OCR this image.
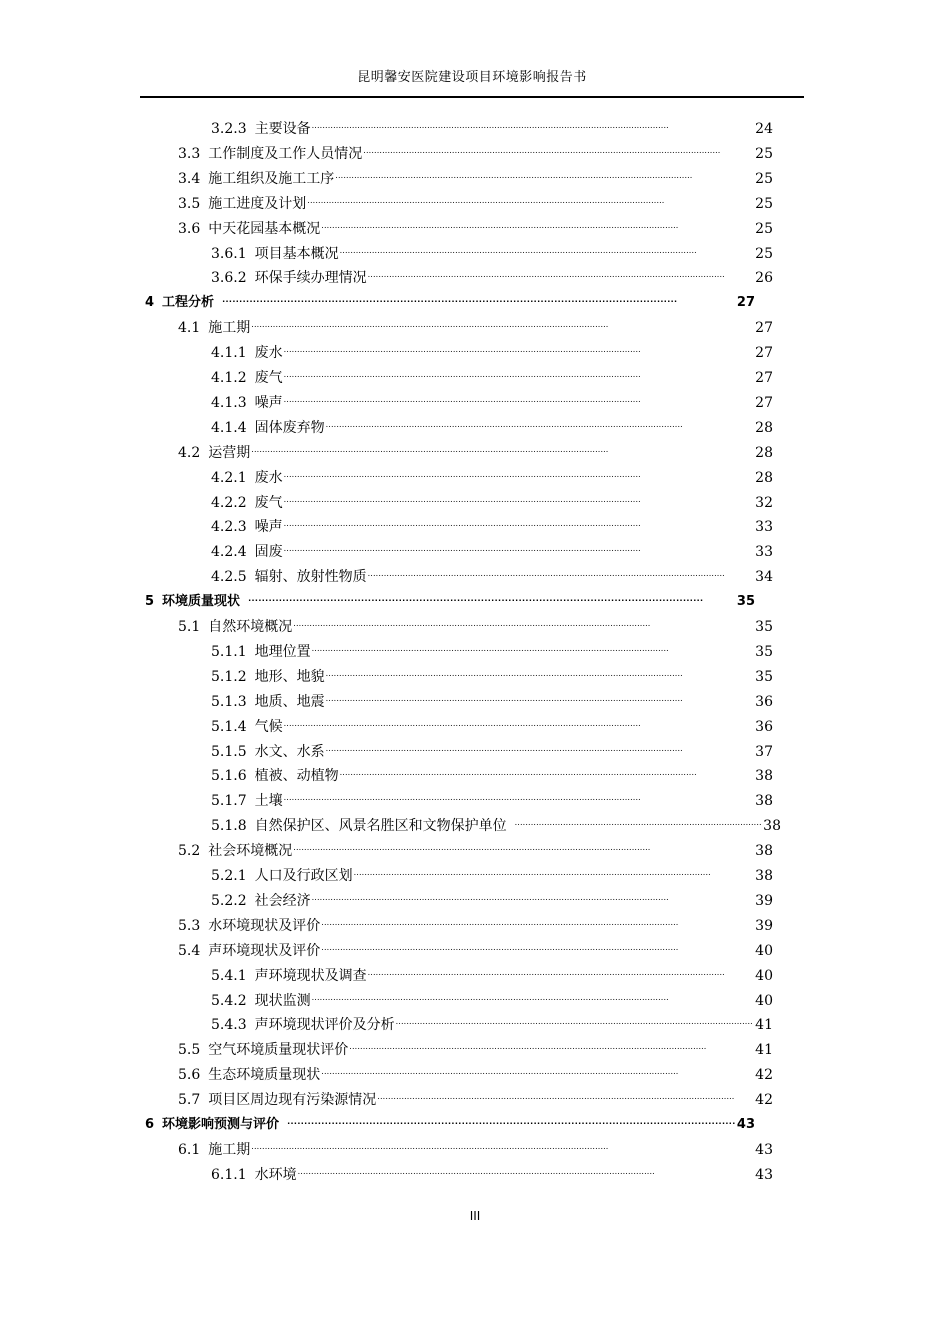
昆明馨安医院建设项目环境影响报告书
3.2.3 主要设备 . . .	24
3.3 工作制度及工作人员情况 . . .	25
3.4 施工组织及施工工序 . . .	25
3.5 施工进度及计划 . . .	25
3.6 中天花园基本概况 . . .	25
3.6.1 项目基本概况 . . .	25
3.6.2 环保手续办理情况 . . .	26
4 工程分析 . . .	27
4.1 施工期 . . .	27
4.1.1 废水 . . .	27
4.1.2 废气 . . .	27
4.1.3 噪声 . . .	27
4.1.4 固体废弃物 . . .	28
4.2 运营期 . . .	28
4.2.1 废水 . . .	28
4.2.2 废气 . . .	32
4.2.3 噪声 . . .	33
4.2.4 固废 . . .	33
4.2.5 辐射、放射性物质 . . .	34
5 环境质量现状 . . .	35
5.1 自然环境概况 . . .	35
5.1.1 地理位置 . . .	35
5.1.2 地形、地貌 . . .	35
5.1.3 地质、地震 . . .	36
5.1.4 气候 . . .	36
5.1.5 水文、水系 . . .	37
5.1.6 植被、动植物 . . .	38
5.1.7 土壤 . . .	38
5.1.8 自然保护区、风景名胜区和文物保护单位 . . .	38
5.2 社会环境概况 . . .	38
5.2.1 人口及行政区划 . . .	38
5.2.2 社会经济 . . .	39
5.3 水环境现状及评价 . . .	39
5.4 声环境现状及评价 . . .	40
5.4.1 声环境现状及调查 . . .	40
5.4.2 现状监测 . . .	40
5.4.3 声环境现状评价及分析 . . .	41
5.5 空气环境质量现状评价 . . .	41
5.6 生态环境质量现状 . . .	42
5.7 项目区周边现有污染源情况 . . .	42
6 环境影响预测与评价 . . .	43
6.1 施工期 . . .	43
6.1.1 水环境 . . .	43
III
